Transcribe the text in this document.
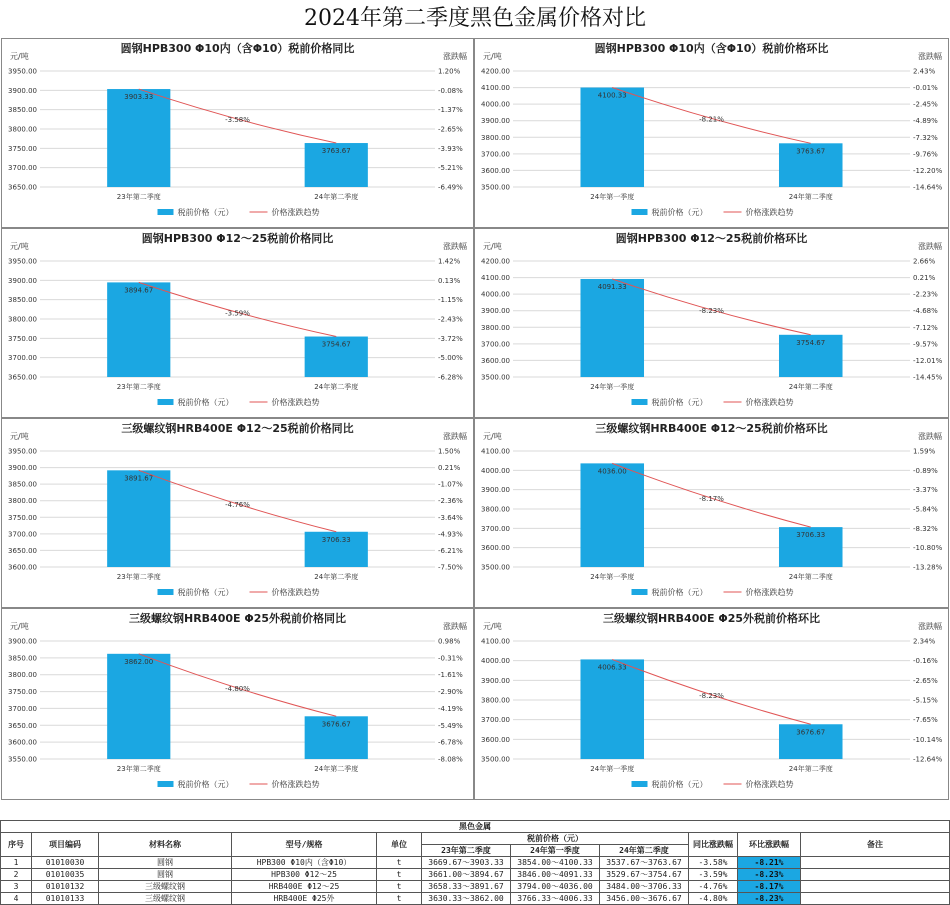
2024年第二季度黑色金属价格对比
圆钢HPB300 Φ10内（含Φ10）税前价格同比
元/吨	涨跌幅
3950.00	1.20%
3900.00	-0.08%
3850.00	-1.37%
3800.00	-2.65%
3750.00	-3.93%
3700.00	-5.21%
3650.00	-6.49%
3903.33
23年第二季度
3763.67
24年第二季度
-3.58%
税前价格（元）	价格涨跌趋势
圆钢HPB300 Φ10内（含Φ10）税前价格环比
元/吨	涨跌幅
4200.00	2.43%
4100.00	-0.01%
4000.00	-2.45%
3900.00	-4.89%
3800.00	-7.32%
3700.00	-9.76%
3600.00	-12.20%
3500.00	-14.64%
4100.33
24年第一季度
3763.67
24年第二季度
-8.21%
税前价格（元）	价格涨跌趋势
圆钢HPB300 Φ12～25税前价格同比
元/吨	涨跌幅
3950.00	1.42%
3900.00	0.13%
3850.00	-1.15%
3800.00	-2.43%
3750.00	-3.72%
3700.00	-5.00%
3650.00	-6.28%
3894.67
23年第二季度
3754.67
24年第二季度
-3.59%
税前价格（元）	价格涨跌趋势
圆钢HPB300 Φ12～25税前价格环比
元/吨	涨跌幅
4200.00	2.66%
4100.00	0.21%
4000.00	-2.23%
3900.00	-4.68%
3800.00	-7.12%
3700.00	-9.57%
3600.00	-12.01%
3500.00	-14.45%
4091.33
24年第一季度
3754.67
24年第二季度
-8.23%
税前价格（元）	价格涨跌趋势
三级螺纹钢HRB400E Φ12～25税前价格同比
元/吨	涨跌幅
3950.00	1.50%
3900.00	0.21%
3850.00	-1.07%
3800.00	-2.36%
3750.00	-3.64%
3700.00	-4.93%
3650.00	-6.21%
3600.00	-7.50%
3891.67
23年第二季度
3706.33
24年第二季度
-4.76%
税前价格（元）	价格涨跌趋势
三级螺纹钢HRB400E Φ12～25税前价格环比
元/吨	涨跌幅
4100.00	1.59%
4000.00	-0.89%
3900.00	-3.37%
3800.00	-5.84%
3700.00	-8.32%
3600.00	-10.80%
3500.00	-13.28%
4036.00
24年第一季度
3706.33
24年第二季度
-8.17%
税前价格（元）	价格涨跌趋势
三级螺纹钢HRB400E Φ25外税前价格同比
元/吨	涨跌幅
3900.00	0.98%
3850.00	-0.31%
3800.00	-1.61%
3750.00	-2.90%
3700.00	-4.19%
3650.00	-5.49%
3600.00	-6.78%
3550.00	-8.08%
3862.00
23年第二季度
3676.67
24年第二季度
-4.80%
税前价格（元）	价格涨跌趋势
三级螺纹钢HRB400E Φ25外税前价格环比
元/吨	涨跌幅
4100.00	2.34%
4000.00	-0.16%
3900.00	-2.65%
3800.00	-5.15%
3700.00	-7.65%
3600.00	-10.14%
3500.00	-12.64%
4006.33
24年第一季度
3676.67
24年第二季度
-8.23%
税前价格（元）	价格涨跌趋势
黑色金属										
序号	项目编码	材料名称	型号/规格	单位	税前价格（元）			同比涨跌幅	环比涨跌幅	备注
					23年第二季度	24年第一季度	24年第二季度			
1	01010030	圆钢	HPB300 Φ10内（含Φ10）	t	3669.67～3903.33	3854.00～4100.33	3537.67～3763.67	-3.58%	-8.21%	
2	01010035	圆钢	HPB300 Φ12～25	t	3661.00～3894.67	3846.00～4091.33	3529.67～3754.67	-3.59%	-8.23%	
3	01010132	三级螺纹钢	HRB400E Φ12～25	t	3658.33～3891.67	3794.00～4036.00	3484.00～3706.33	-4.76%	-8.17%	
4	01010133	三级螺纹钢	HRB400E Φ25外	t	3630.33～3862.00	3766.33～4006.33	3456.00～3676.67	-4.80%	-8.23%	
